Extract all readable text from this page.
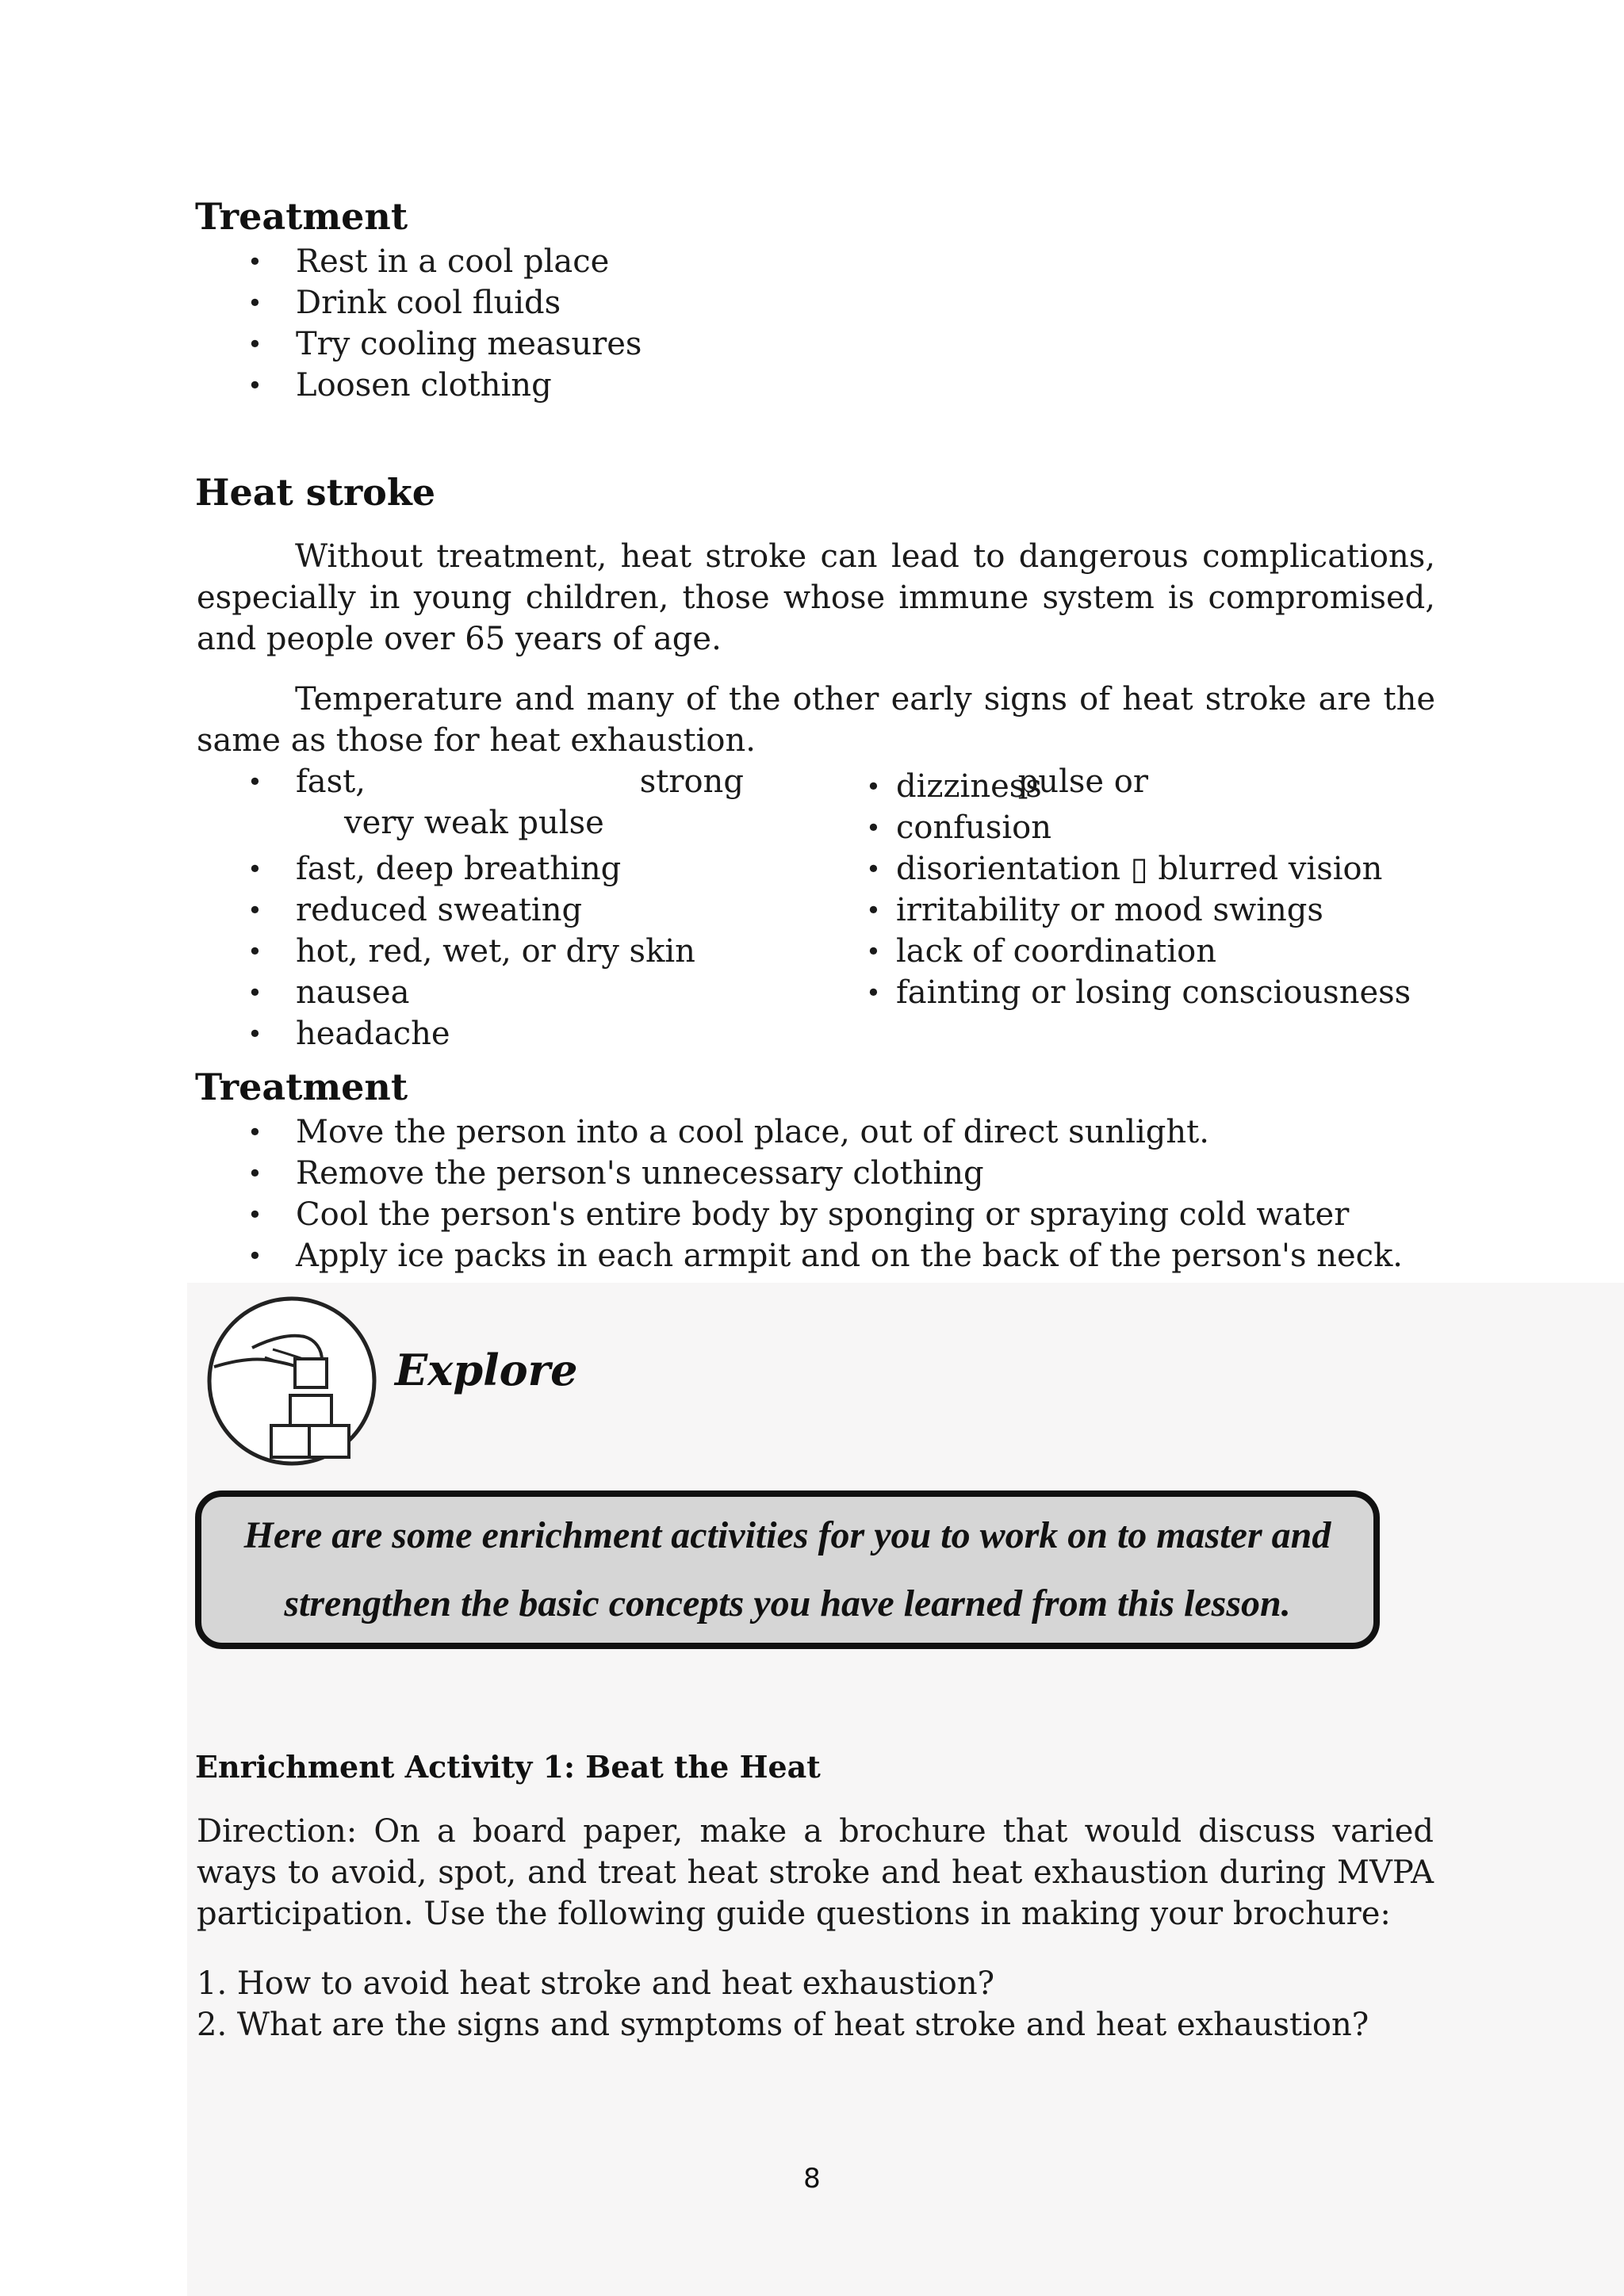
Treatment
• Rest in a cool place
• Drink cool fluids
• Try cooling measures
• Loosen clothing
Heat stroke

Without treatment, heat stroke can lead to dangerous complications, especially in young children, those whose immune system is compromised, and people over 65 years of age.

Temperature and many of the other early signs of heat stroke are the same as those for heat exhaustion.

• fast,	strong	pulse or
very weak pulse
• fast, deep breathing
• reduced sweating
• hot, red, wet, or dry skin
• nausea
• headache
• dizziness
• confusion
• disorientation ▯ blurred vision
• irritability or mood swings
• lack of coordination
• fainting or losing consciousness
Treatment
• Move the person into a cool place, out of direct sunlight.
• Remove the person's unnecessary clothing
• Cool the person's entire body by sponging or spraying cold water
• Apply ice packs in each armpit and on the back of the person's neck.
Explore

Here are some enrichment activities for you to work on to master and

strengthen the basic concepts you have learned from this lesson.

Enrichment Activity 1: Beat the Heat

Direction: On a board paper, make a brochure that would discuss varied ways to avoid, spot, and treat heat stroke and heat exhaustion during MVPA participation. Use the following guide questions in making your brochure:

1. How to avoid heat stroke and heat exhaustion?
2. What are the signs and symptoms of heat stroke and heat exhaustion?
8
